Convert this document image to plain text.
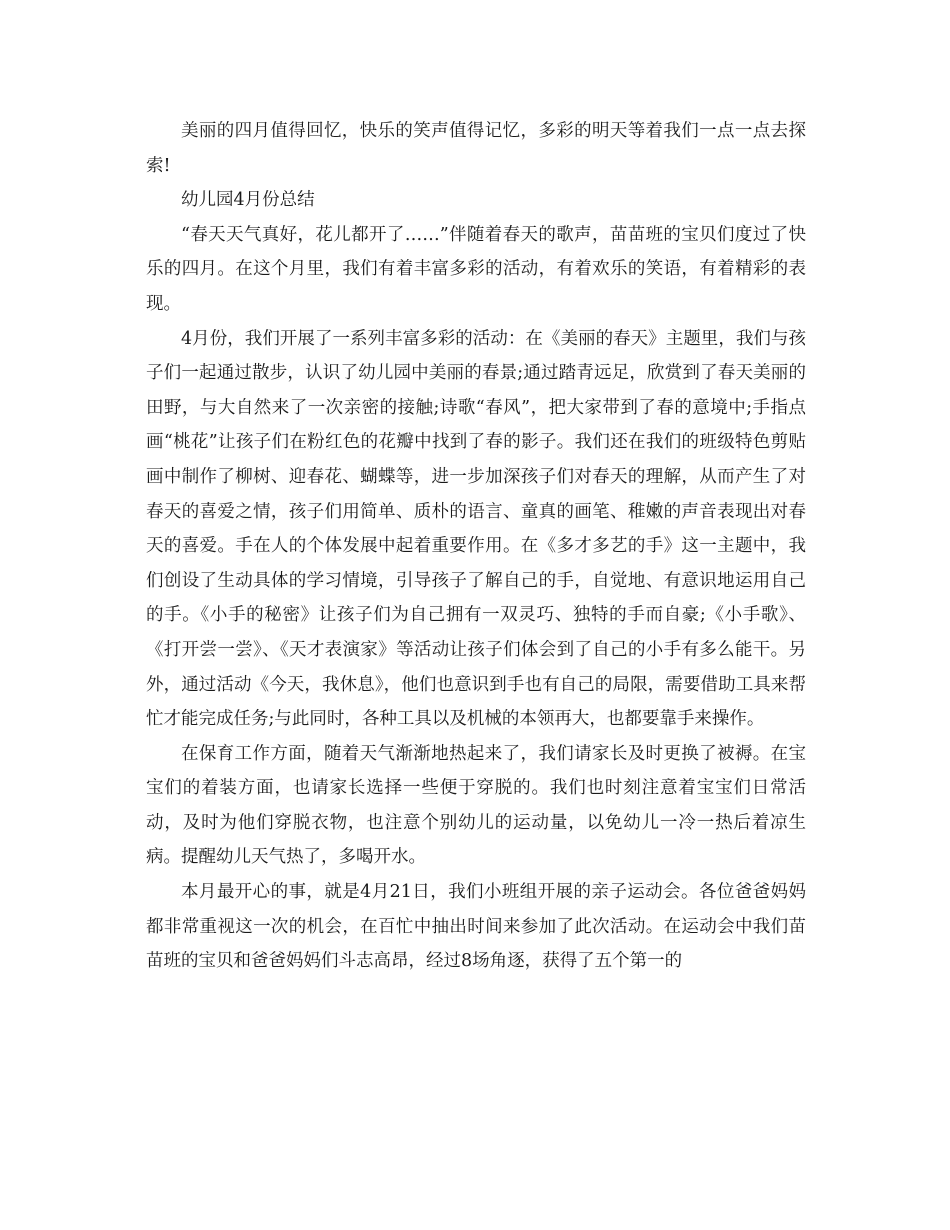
美丽的四月值得回忆，快乐的笑声值得记忆，多彩的明天等着我们一点一点去探索!

幼儿园4月份总结

“春天天气真好，花儿都开了……”伴随着春天的歌声，苗苗班的宝贝们度过了快乐的四月。在这个月里，我们有着丰富多彩的活动，有着欢乐的笑语，有着精彩的表现。

4月份，我们开展了一系列丰富多彩的活动：在《美丽的春天》主题里，我们与孩子们一起通过散步，认识了幼儿园中美丽的春景;通过踏青远足，欣赏到了春天美丽的田野，与大自然来了一次亲密的接触;诗歌“春风”，把大家带到了春的意境中;手指点画“桃花”让孩子们在粉红色的花瓣中找到了春的影子。我们还在我们的班级特色剪贴画中制作了柳树、迎春花、蝴蝶等，进一步加深孩子们对春天的理解，从而产生了对春天的喜爱之情，孩子们用简单、质朴的语言、童真的画笔、稚嫩的声音表现出对春天的喜爱。手在人的个体发展中起着重要作用。在《多才多艺的手》这一主题中，我们创设了生动具体的学习情境，引导孩子了解自己的手，自觉地、有意识地运用自己的手。《小手的秘密》让孩子们为自己拥有一双灵巧、独特的手而自豪;《小手歌》、《打开尝一尝》、《天才表演家》等活动让孩子们体会到了自己的小手有多么能干。另外，通过活动《今天，我休息》，他们也意识到手也有自己的局限，需要借助工具来帮忙才能完成任务;与此同时，各种工具以及机械的本领再大，也都要靠手来操作。

在保育工作方面，随着天气渐渐地热起来了，我们请家长及时更换了被褥。在宝宝们的着装方面，也请家长选择一些便于穿脱的。我们也时刻注意着宝宝们日常活动，及时为他们穿脱衣物，也注意个别幼儿的运动量，以免幼儿一冷一热后着凉生病。提醒幼儿天气热了，多喝开水。

本月最开心的事，就是4月21日，我们小班组开展的亲子运动会。各位爸爸妈妈都非常重视这一次的机会，在百忙中抽出时间来参加了此次活动。在运动会中我们苗苗班的宝贝和爸爸妈妈们斗志高昂，经过8场角逐，获得了五个第一的
